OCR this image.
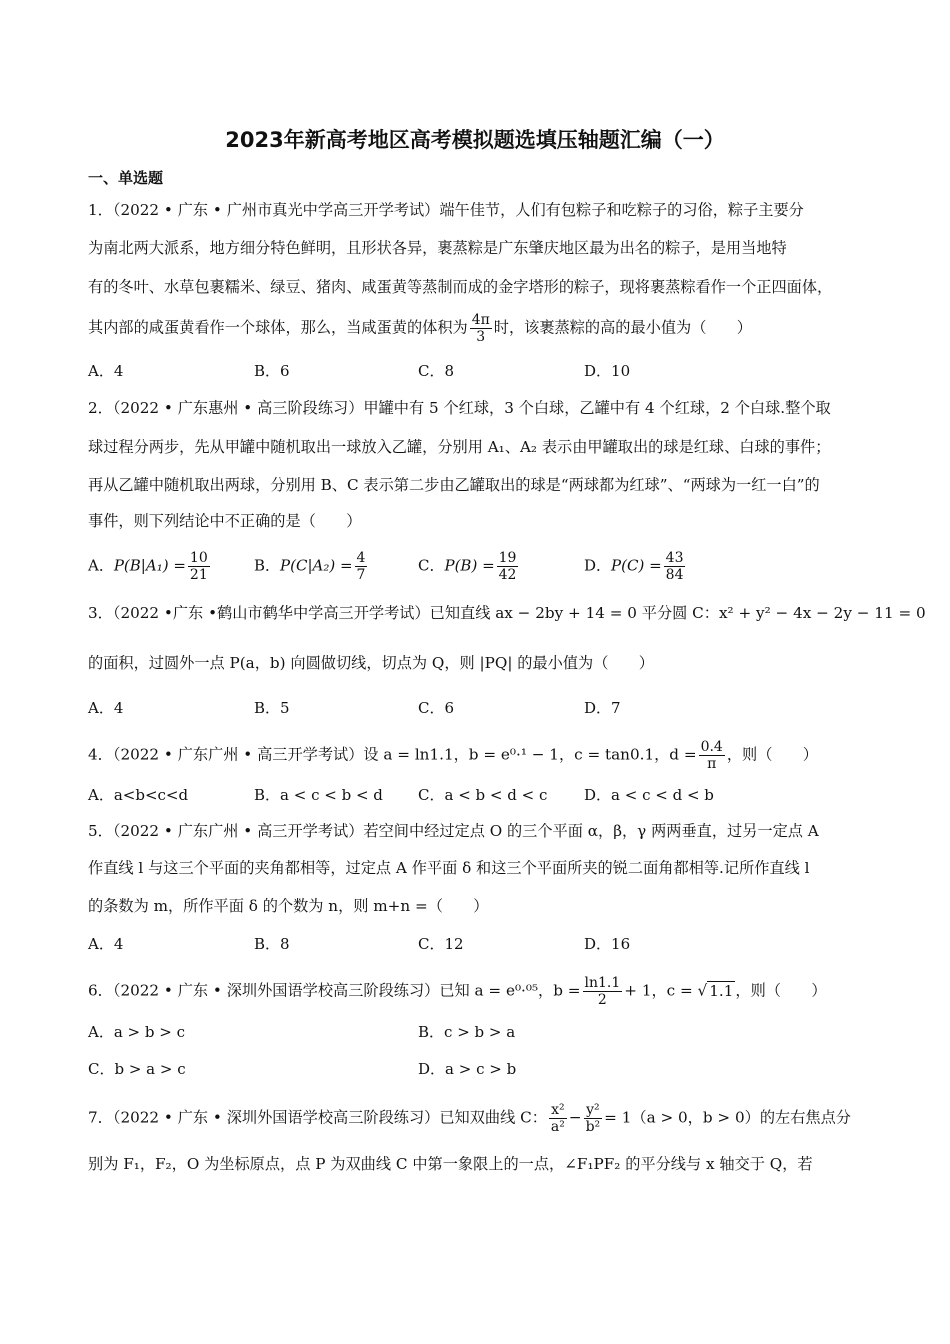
2023年新高考地区高考模拟题选填压轴题汇编（一）
一、单选题
1．（2022 • 广东 • 广州市真光中学高三开学考试）端午佳节，人们有包粽子和吃粽子的习俗，粽子主要分
为南北两大派系，地方细分特色鲜明，且形状各异，裹蒸粽是广东肇庆地区最为出名的粽子，是用当地特
有的冬叶、水草包裹糯米、绿豆、猪肉、咸蛋黄等蒸制而成的金字塔形的粽子，现将裹蒸粽看作一个正四面体，
其内部的咸蛋黄看作一个球体，那么，当咸蛋黄的体积为 $\frac{4\pi}{3}$ 时，该裹蒸粽的高的最小值为（　　）
A．4	B．6	C．8	D．10
2．（2022 • 广东惠州 • 高三阶段练习）甲罐中有 5 个红球，3 个白球，乙罐中有 4 个红球，2 个白球.整个取
球过程分两步，先从甲罐中随机取出一球放入乙罐，分别用 A₁、A₂ 表示由甲罐取出的球是红球、白球的事件；
再从乙罐中随机取出两球，分别用 B、C 表示第二步由乙罐取出的球是“两球都为红球”、“两球为一红一白”的
事件，则下列结论中不正确的是（　　）
A．$P(B|A_1) = \frac{10}{21}$	B．$P(C|A_2) = \frac{4}{7}$	C．$P(B) = \frac{19}{42}$	D．$P(C) = \frac{43}{84}$
3．（2022 •广东 •鹤山市鹤华中学高三开学考试）已知直线 ax − 2by + 14 = 0 平分圆 C：x² + y² − 4x − 2y − 11 = 0
的面积，过圆外一点 P(a，b) 向圆做切线，切点为 Q，则 |PQ| 的最小值为（　　）
A．4	B．5	C．6	D．7
4．（2022 • 广东广州 • 高三开学考试）设 a = ln1.1，b = e⁰·¹ − 1，c = tan0.1，$d = \frac{0.4}{\pi}$ ，则（　　）
A．a<b<c<d	B．a < c < b < d C．a < b < d < c D．a < c < d < b
5．（2022 • 广东广州 • 高三开学考试）若空间中经过定点 O 的三个平面 α，β，γ 两两垂直，过另一定点 A
作直线 l 与这三个平面的夹角都相等，过定点 A 作平面 δ 和这三个平面所夹的锐二面角都相等.记所作直线 l
的条数为 m，所作平面 δ 的个数为 n，则 m+n =（　　）
A．4	B．8	C．12	D．16
6．（2022 • 广东 • 深圳外国语学校高三阶段练习）已知 a = e⁰·⁰⁵，$b = \frac{\ln 1.1}{2} + 1$，c = √ 1.1 ，则（　　）
A．a > b > c	B．c > b > a
C．b > a > c	D．a > c > b
7．（2022 • 广东 • 深圳外国语学校高三阶段练习）已知双曲线 C： $\frac{\text{x²}}{\text{a²}} - \frac{\text{y²}}{\text{b²}} = 1(a > 0$，b > 0）的左右焦点分
别为 F₁，F₂，O 为坐标原点，点 P 为双曲线 C 中第一象限上的一点，∠F₁PF₂ 的平分线与 x 轴交于 Q，若
